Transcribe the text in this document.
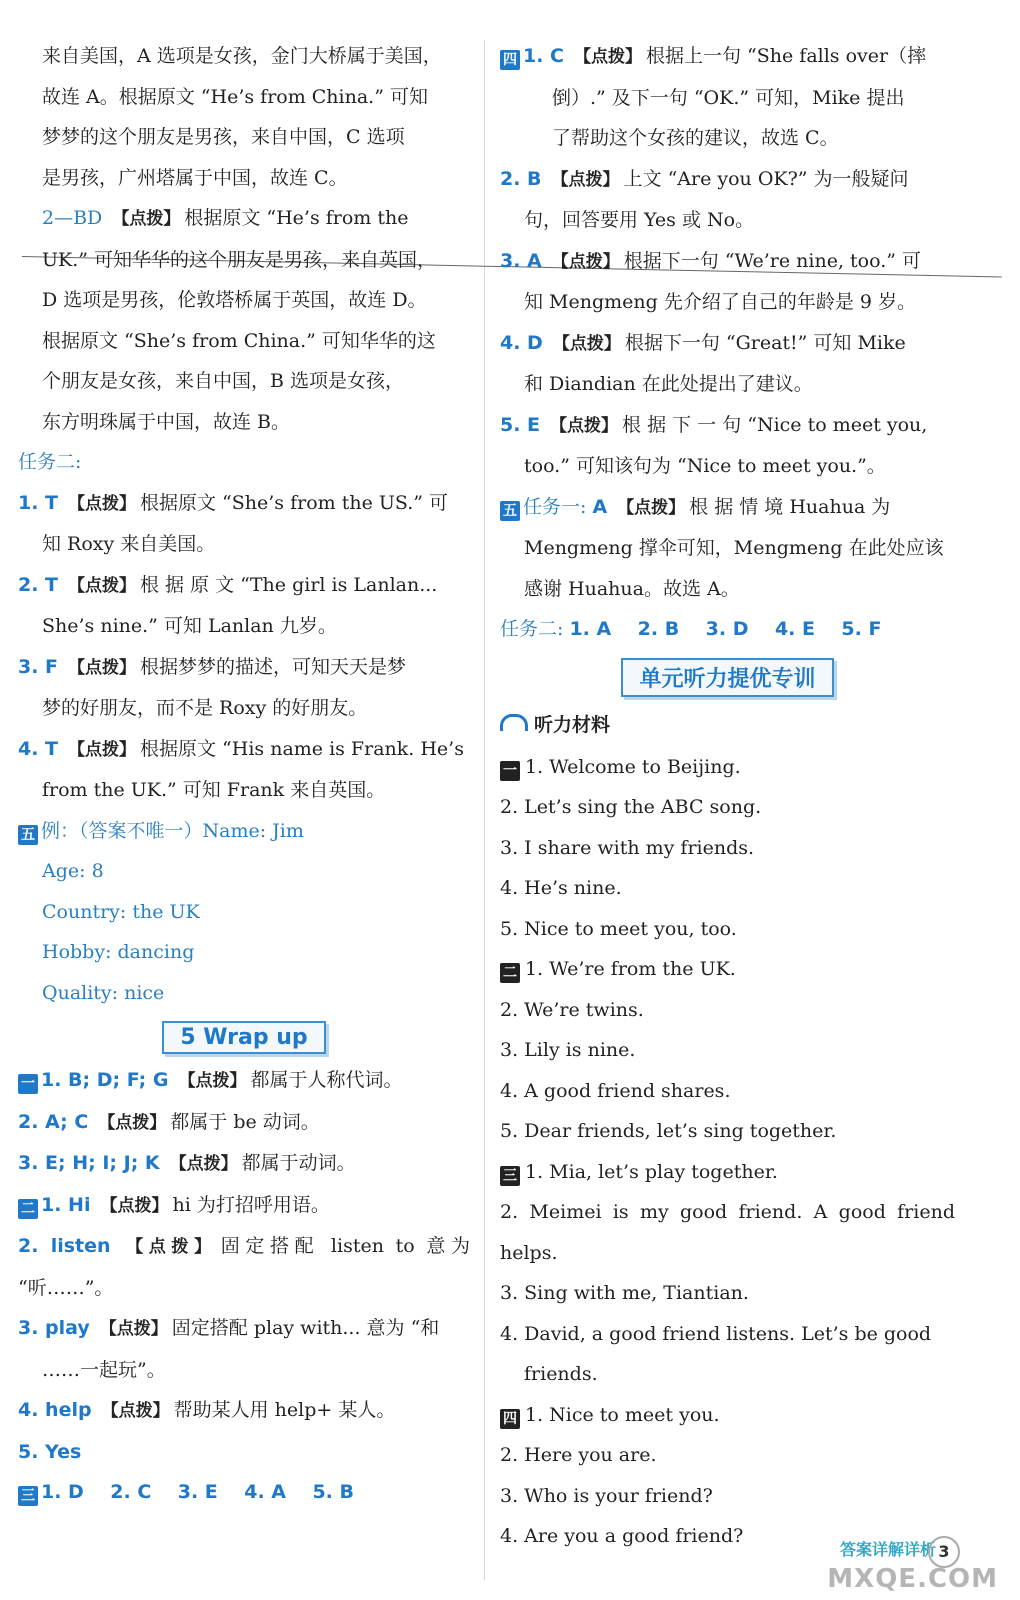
来自美国，A 选项是女孩，金门大桥属于美国，

故连 A。根据原文 “He’s from China.” 可知

梦梦的这个朋友是男孩，来自中国，C 选项

是男孩，广州塔属于中国，故连 C。

2—BD 【点拨】 根据原文 “He’s from the

UK.” 可知华华的这个朋友是男孩，来自英国，

D 选项是男孩，伦敦塔桥属于英国，故连 D。

根据原文 “She’s from China.” 可知华华的这

个朋友是女孩，来自中国，B 选项是女孩，

东方明珠属于中国，故连 B。

任务二:

1. T 【点拨】 根据原文 “She’s from the US.” 可

知 Roxy 来自美国。

2. T 【点拨】 根 据 原 文 “The girl is Lanlan...

She’s nine.” 可知 Lanlan 九岁。

3. F 【点拨】 根据梦梦的描述，可知天天是梦

梦的好朋友，而不是 Roxy 的好朋友。

4. T 【点拨】 根据原文 “His name is Frank. He’s

from the UK.” 可知 Frank 来自英国。

五 例：（答案不唯一）Name: Jim

Age: 8

Country: the UK

Hobby: dancing

Quality: nice

5 Wrap up

一 1. B; D; F; G 【点拨】 都属于人称代词。

2. A; C 【点拨】 都属于 be 动词。

3. E; H; I; J; K 【点拨】 都属于动词。

二 1. Hi 【点拨】 hi 为打招呼用语。

2. listen 【点拨】 固定搭配 listen to 意为 “听……”。

3. play 【点拨】 固定搭配 play with... 意为 “和

……一起玩”。

4. help 【点拨】 帮助某人用 help+ 某人。

5. Yes

三 1. D    2. C    3. E    4. A    5. B

四 1. C 【点拨】 根据上一句 “She falls over（摔

倒）.” 及下一句 “OK.” 可知，Mike 提出

了帮助这个女孩的建议，故选 C。

2. B 【点拨】 上文 “Are you OK?” 为一般疑问

句，回答要用 Yes 或 No。

3. A 【点拨】 根据下一句 “We’re nine, too.” 可

知 Mengmeng 先介绍了自己的年龄是 9 岁。

4. D 【点拨】 根据下一句 “Great!” 可知 Mike

和 Diandian 在此处提出了建议。

5. E 【点拨】 根 据 下 一 句 “Nice to meet you,

too.” 可知该句为 “Nice to meet you.”。

五 任务一: A 【点拨】 根 据 情 境 Huahua 为

Mengmeng 撑伞可知，Mengmeng 在此处应该

感谢 Huahua。故选 A。

任务二: 1. A    2. B    3. D    4. E    5. F

单元听力提优专训
听力材料

一 1. Welcome to Beijing.

2. Let’s sing the ABC song.

3. I share with my friends.

4. He’s nine.

5. Nice to meet you, too.

二 1. We’re from the UK.

2. We’re twins.

3. Lily is nine.

4. A good friend shares.

5. Dear friends, let’s sing together.

三 1. Mia, let’s play together.

2. Meimei is my good friend. A good friend helps.

3. Sing with me, Tiantian.

4. David, a good friend listens. Let’s be good

friends.

四 1. Nice to meet you.

2. Here you are.

3. Who is your friend?

4. Are you a good friend?

答案详解详析 3
MXQE.COM
